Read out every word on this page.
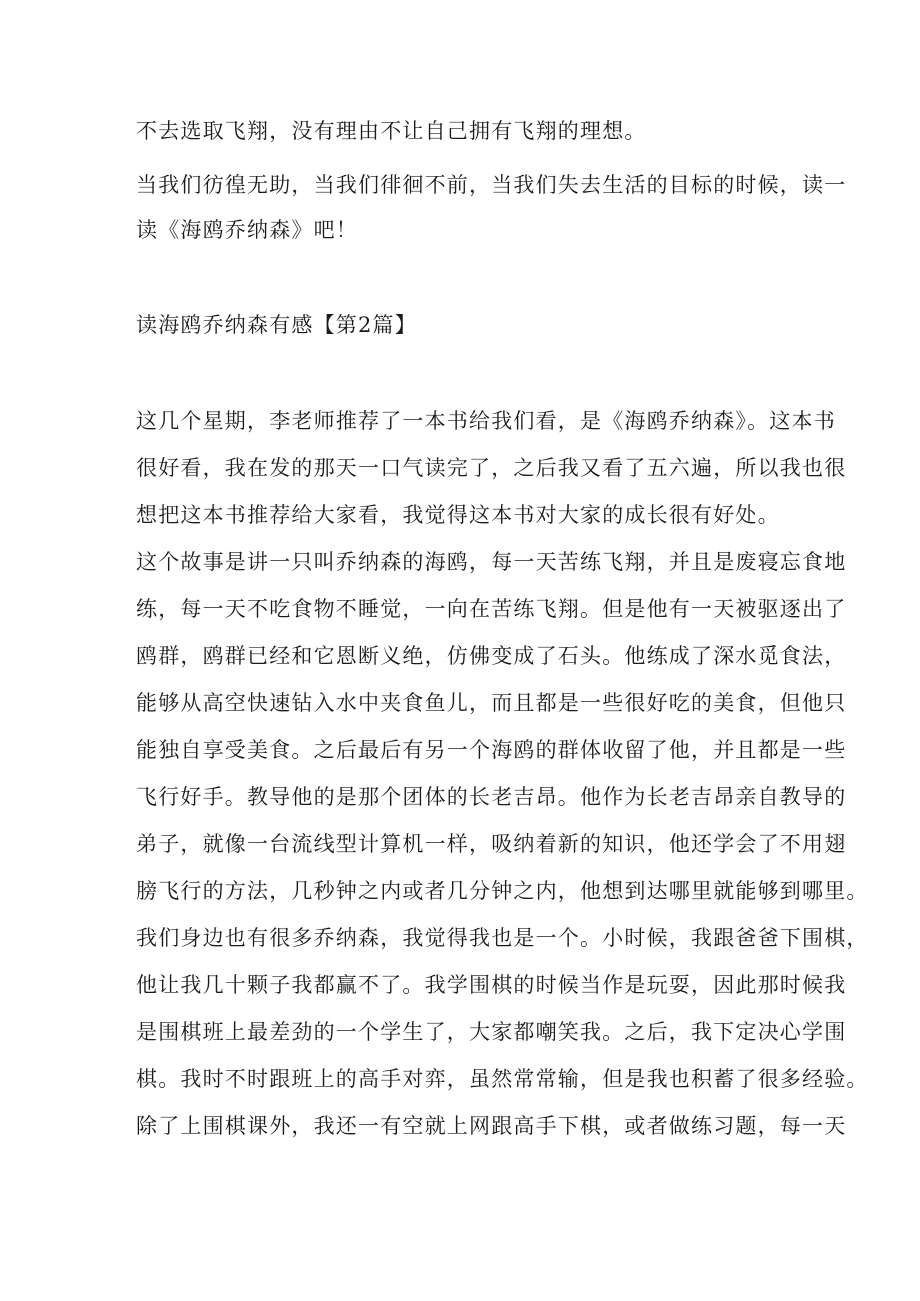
不去选取飞翔，没有理由不让自己拥有飞翔的理想。
当我们彷徨无助，当我们徘徊不前，当我们失去生活的目标的时候，读一
读《海鸥乔纳森》吧！
读海鸥乔纳森有感【第2篇】
这几个星期，李老师推荐了一本书给我们看，是《海鸥乔纳森》。这本书
很好看，我在发的那天一口气读完了，之后我又看了五六遍，所以我也很
想把这本书推荐给大家看，我觉得这本书对大家的成长很有好处。
这个故事是讲一只叫乔纳森的海鸥，每一天苦练飞翔，并且是废寝忘食地
练，每一天不吃食物不睡觉，一向在苦练飞翔。但是他有一天被驱逐出了
鸥群，鸥群已经和它恩断义绝，仿佛变成了石头。他练成了深水觅食法，
能够从高空快速钻入水中夹食鱼儿，而且都是一些很好吃的美食，但他只
能独自享受美食。之后最后有另一个海鸥的群体收留了他，并且都是一些
飞行好手。教导他的是那个团体的长老吉昂。他作为长老吉昂亲自教导的
弟子，就像一台流线型计算机一样，吸纳着新的知识，他还学会了不用翅
膀飞行的方法，几秒钟之内或者几分钟之内，他想到达哪里就能够到哪里。
我们身边也有很多乔纳森，我觉得我也是一个。小时候，我跟爸爸下围棋，
他让我几十颗子我都赢不了。我学围棋的时候当作是玩耍，因此那时候我
是围棋班上最差劲的一个学生了，大家都嘲笑我。之后，我下定决心学围
棋。我时不时跟班上的高手对弈，虽然常常输，但是我也积蓄了很多经验。
除了上围棋课外，我还一有空就上网跟高手下棋，或者做练习题，每一天
